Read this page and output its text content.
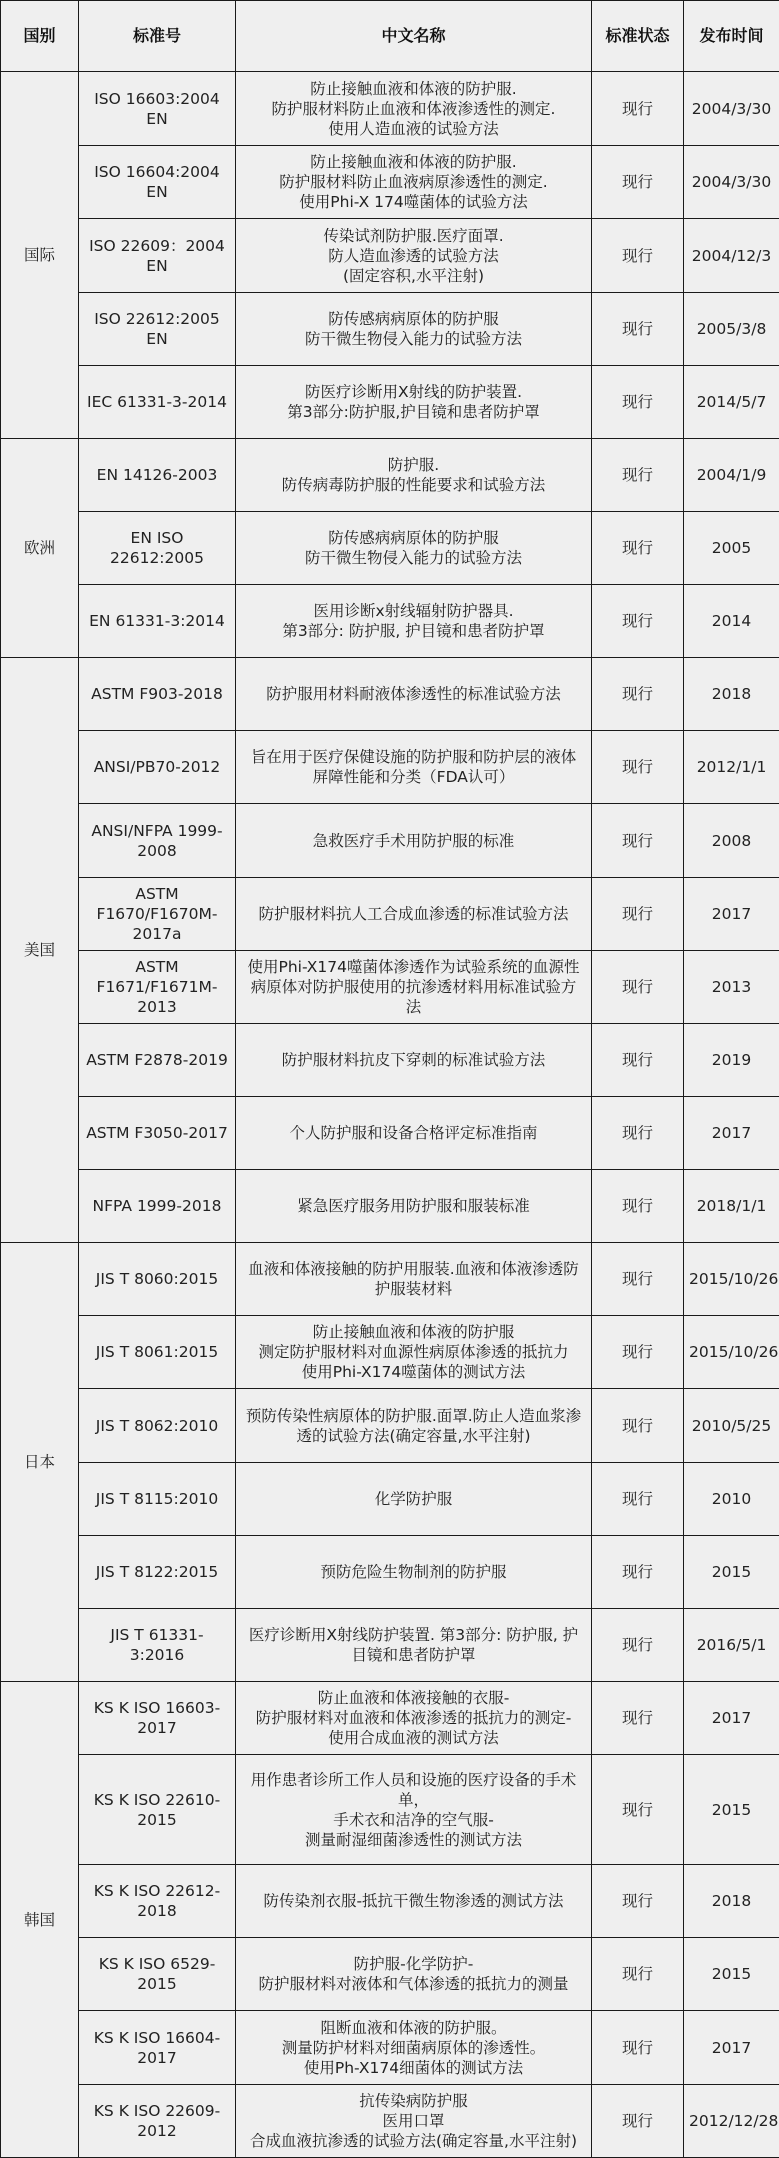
国别	标准号	中文名称	标准状态	发布时间
国际	ISO 16603:2004 EN	防止接触血液和体液的防护服.
防护服材料防止血液和体液渗透性的测定.
使用人造血液的试验方法	现行	2004/3/30

	ISO 16604:2004 EN	防止接触血液和体液的防护服.
防护服材料防止血液病原渗透性的测定.
使用Phi-X 174噬菌体的试验方法	现行	2004/3/30

	ISO 22609：2004
EN	传染试剂防护服.医疗面罩.
防人造血渗透的试验方法
(固定容积,水平注射)	现行	2004/12/3

	ISO 22612:2005 EN	防传感病病原体的防护服
防干微生物侵入能力的试验方法	现行	2005/3/8

	IEC 61331-3-2014	防医疗诊断用X射线的防护装置.
第3部分:防护服,护目镜和患者防护罩	现行	2014/5/7
欧洲	EN 14126-2003	防护服.
防传病毒防护服的性能要求和试验方法	现行	2004/1/9

	EN ISO 22612:2005	防传感病病原体的防护服
防干微生物侵入能力的试验方法	现行	2005

	EN 61331-3:2014	医用诊断x射线辐射防护器具.
第3部分: 防护服, 护目镜和患者防护罩	现行	2014
美国	ASTM F903-2018	防护服用材料耐液体渗透性的标准试验方法	现行	2018

	ANSI/PB70-2012	旨在用于医疗保健设施的防护服和防护层的液体
屏障性能和分类（FDA认可）	现行	2012/1/1

	ANSI/NFPA 1999-
2008	急救医疗手术用防护服的标准	现行	2008

	ASTM
F1670/F1670M-
2017a	防护服材料抗人工合成血渗透的标准试验方法	现行	2017

	ASTM
F1671/F1671M-
2013	使用Phi-X174噬菌体渗透作为试验系统的血源性
病原体对防护服使用的抗渗透材料用标准试验方
法	现行	2013

	ASTM F2878-2019	防护服材料抗皮下穿刺的标准试验方法	现行	2019

	ASTM F3050-2017	个人防护服和设备合格评定标准指南	现行	2017

	NFPA 1999-2018	紧急医疗服务用防护服和服装标准	现行	2018/1/1
日本	JIS T 8060:2015	血液和体液接触的防护用服装.血液和体液渗透防
护服装材料	现行	2015/10/26

	JIS T 8061:2015	防止接触血液和体液的防护服
测定防护服材料对血源性病原体渗透的抵抗力
使用Phi-X174噬菌体的测试方法	现行	2015/10/26

	JIS T 8062:2010	预防传染性病原体的防护服.面罩.防止人造血浆渗
透的试验方法(确定容量,水平注射)	现行	2010/5/25

	JIS T 8115:2010	化学防护服	现行	2010

	JIS T 8122:2015	预防危险生物制剂的防护服	现行	2015

	JIS T 61331-3:2016	医疗诊断用X射线防护装置. 第3部分: 防护服, 护
目镜和患者防护罩	现行	2016/5/1
韩国	KS K ISO 16603-
2017	防止血液和体液接触的衣服-
防护服材料对血液和体液渗透的抵抗力的测定-
使用合成血液的测试方法	现行	2017

	KS K ISO 22610-
2015	用作患者诊所工作人员和设施的医疗设备的手术单，
手术衣和洁净的空气服-
测量耐湿细菌渗透性的测试方法	现行	2015

	KS K ISO 22612-
2018	防传染剂衣服-抵抗干微生物渗透的测试方法	现行	2018

	KS K ISO 6529-2015	防护服-化学防护-
防护服材料对液体和气体渗透的抵抗力的测量	现行	2015

	KS K ISO 16604-
2017	阻断血液和体液的防护服。
测量防护材料对细菌病原体的渗透性。
使用Ph-X174细菌体的测试方法	现行	2017

	KS K ISO 22609-
2012	抗传染病防护服
医用口罩
合成血液抗渗透的试验方法(确定容量,水平注射)	现行	2012/12/28
